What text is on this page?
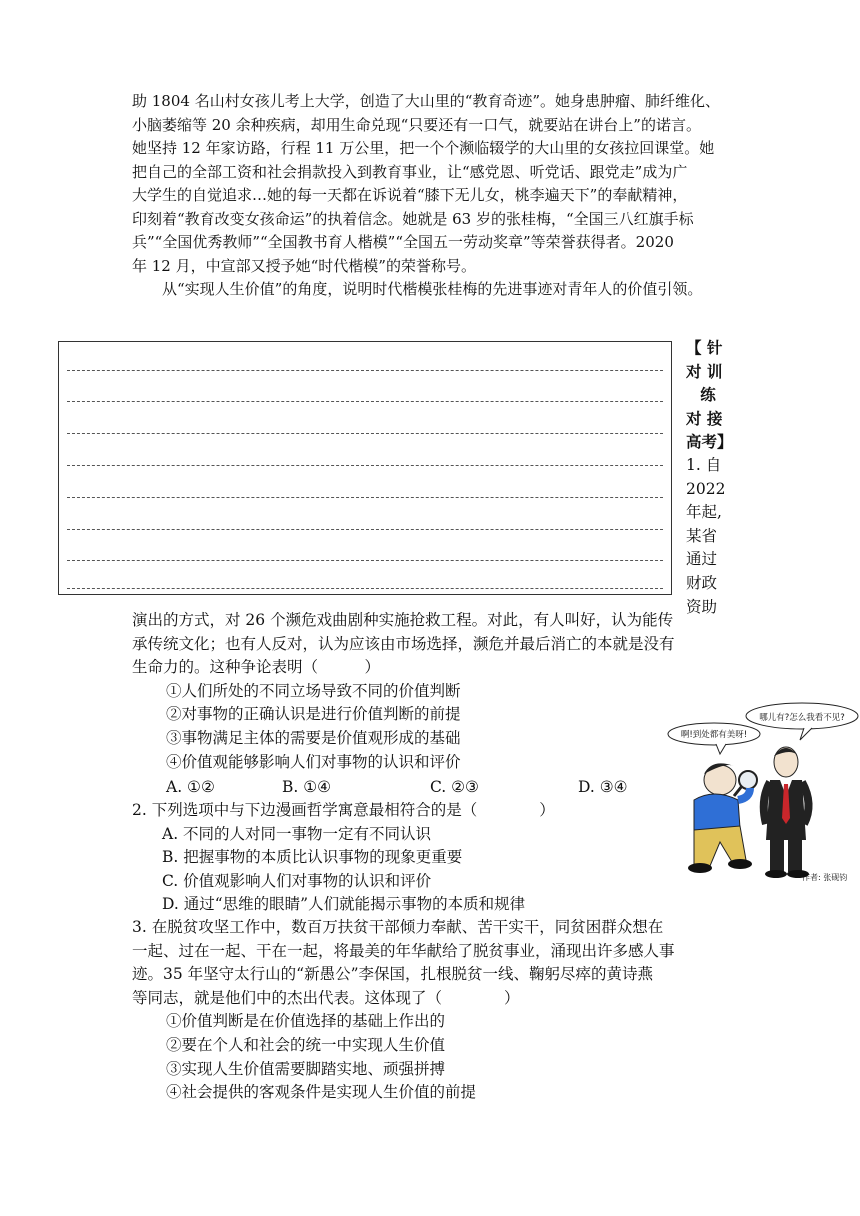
助 1804 名山村女孩儿考上大学，创造了大山里的“教育奇迹”。她身患肿瘤、肺纤维化、

小脑萎缩等 20 余种疾病，却用生命兑现“只要还有一口气，就要站在讲台上”的诺言。

她坚持 12 年家访路，行程 11 万公里，把一个个濒临辍学的大山里的女孩拉回课堂。她

把自己的全部工资和社会捐款投入到教育事业，让“感党恩、听党话、跟党走”成为广

大学生的自觉追求…她的每一天都在诉说着“膝下无儿女，桃李遍天下”的奉献精神，

印刻着“教育改变女孩命运”的执着信念。她就是 63 岁的张桂梅，“全国三八红旗手标

兵”“全国优秀教师”“全国教书育人楷模”“全国五一劳动奖章”等荣誉获得者。2020

年 12 月，中宣部又授予她“时代楷模”的荣誉称号。

从“实现人生价值”的角度，说明时代楷模张桂梅的先进事迹对青年人的价值引领。

【 针
对 训
练
对 接
高考】
1. 自
2022
年起,
某省
通过
财政
资助

演出的方式，对 26 个濒危戏曲剧种实施抢救工程。对此，有人叫好，认为能传

承传统文化；也有人反对，认为应该由市场选择，濒危并最后消亡的本就是没有

生命力的。这种争论表明（　　　）

①人们所处的不同立场导致不同的价值判断

②对事物的正确认识是进行价值判断的前提

③事物满足主体的需要是价值观形成的基础

④价值观能够影响人们对事物的认识和评价

A. ①②	B. ①④	C. ②③	D. ③④

2. 下列选项中与下边漫画哲学寓意最相符合的是（　　　　）

A. 不同的人对同一事物一定有不同认识

B. 把握事物的本质比认识事物的现象更重要

C. 价值观影响人们对事物的认识和评价

D. 通过“思维的眼睛”人们就能揭示事物的本质和规律

3. 在脱贫攻坚工作中，数百万扶贫干部倾力奉献、苦干实干，同贫困群众想在

一起、过在一起、干在一起，将最美的年华献给了脱贫事业，涌现出许多感人事

迹。35 年坚守太行山的“新愚公”李保国，扎根脱贫一线、鞠躬尽瘁的黄诗燕

等同志，就是他们中的杰出代表。这体现了（　　　　）

①价值判断是在价值选择的基础上作出的

②要在个人和社会的统一中实现人生价值

③实现人生价值需要脚踏实地、顽强拼搏

④社会提供的客观条件是实现人生价值的前提

哪儿有?怎么我看不见?
啊!到处都有美呀!
作者: 张砚钧
